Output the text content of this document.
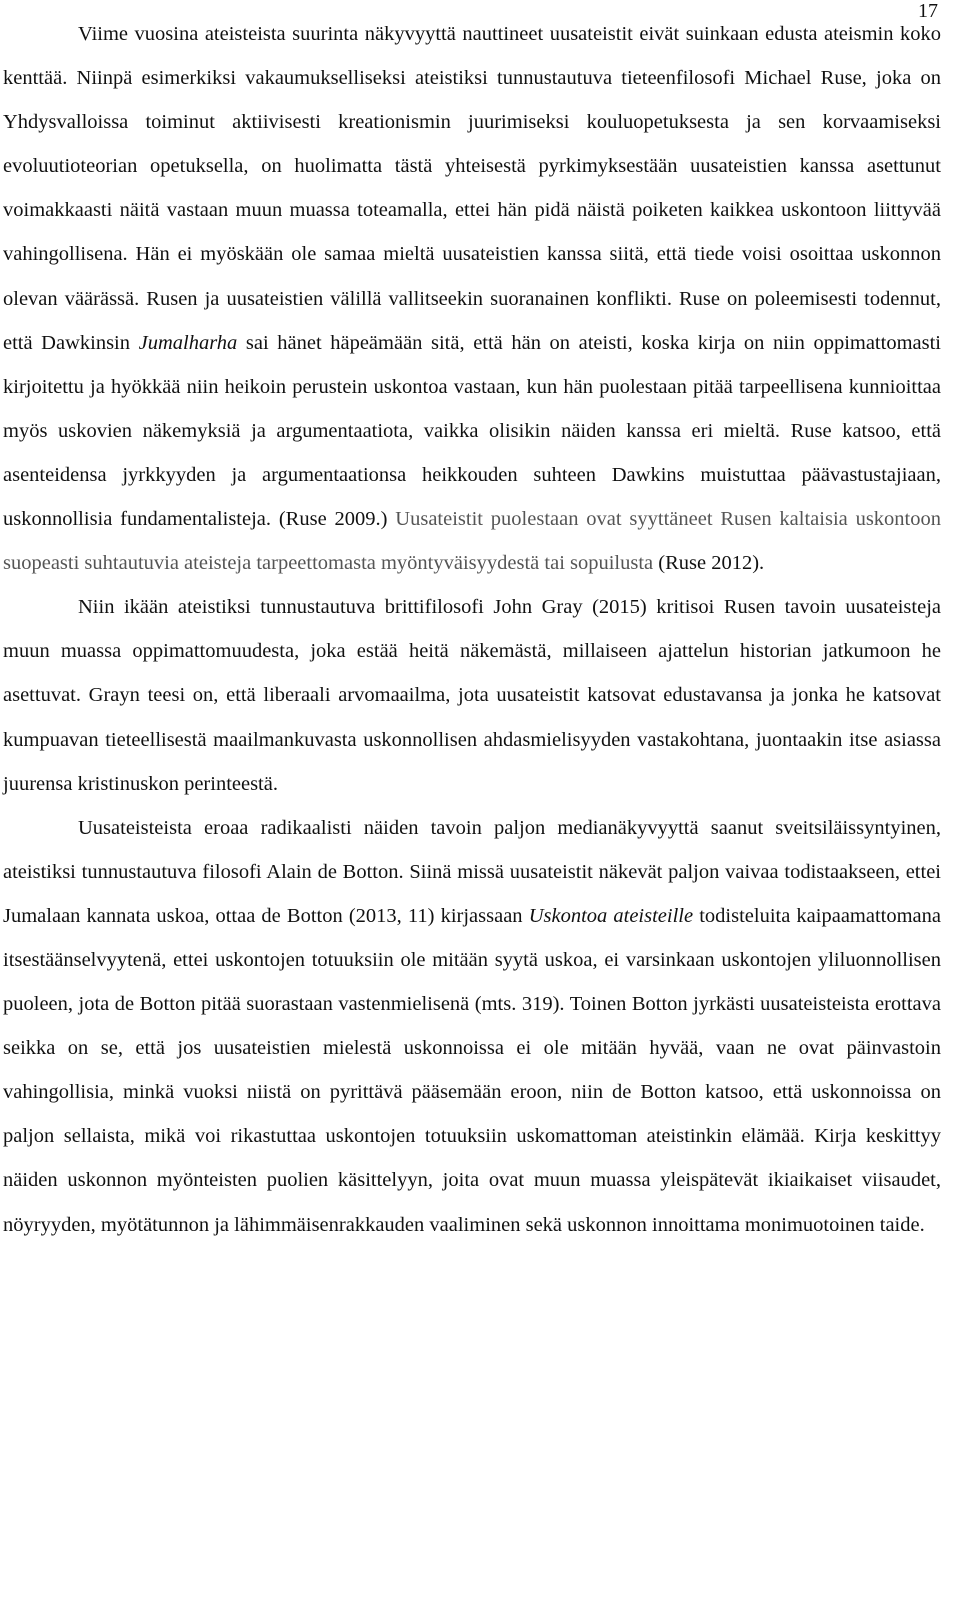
17

Viime vuosina ateisteista suurinta näkyvyyttä nauttineet uusateistit eivät suinkaan edusta ateismin koko kenttää. Niinpä esimerkiksi vakaumukselliseksi ateistiksi tunnustautuva tieteenfilosofi Michael Ruse, joka on Yhdysvalloissa toiminut aktiivisesti kreationismin juurimiseksi kouluopetuksesta ja sen korvaamiseksi evoluutioteorian opetuksella, on huolimatta tästä yhteisestä pyrkimyksestään uusateistien kanssa asettunut voimakkaasti näitä vastaan muun muassa toteamalla, ettei hän pidä näistä poiketen kaikkea uskontoon liittyvää vahingollisena. Hän ei myöskään ole samaa mieltä uusateistien kanssa siitä, että tiede voisi osoittaa uskonnon olevan väärässä. Rusen ja uusateistien välillä vallitseekin suoranainen konflikti. Ruse on poleemisesti todennut, että Dawkinsin Jumalharha sai hänet häpeämään sitä, että hän on ateisti, koska kirja on niin oppimattomasti kirjoitettu ja hyökkää niin heikoin perustein uskontoa vastaan, kun hän puolestaan pitää tarpeellisena kunnioittaa myös uskovien näkemyksiä ja argumentaatiota, vaikka olisikin näiden kanssa eri mieltä. Ruse katsoo, että asenteidensa jyrkkyyden ja argumentaationsa heikkouden suhteen Dawkins muistuttaa päävastustajiaan, uskonnollisia fundamentalisteja. (Ruse 2009.) Uusateistit puolestaan ovat syyttäneet Rusen kaltaisia uskontoon suopeasti suhtautuvia ateisteja tarpeettomasta myöntyväisyydestä tai sopuilusta (Ruse 2012).

Niin ikään ateistiksi tunnustautuva brittifilosofi John Gray (2015) kritisoi Rusen tavoin uusateisteja muun muassa oppimattomuudesta, joka estää heitä näkemästä, millaiseen ajattelun historian jatkumoon he asettuvat. Grayn teesi on, että liberaali arvomaailma, jota uusateistit katsovat edustavansa ja jonka he katsovat kumpuavan tieteellisestä maailmankuvasta uskonnollisen ahdasmielisyyden vastakohtana, juontaakin itse asiassa juurensa kristinuskon perinteestä.

Uusateisteista eroaa radikaalisti näiden tavoin paljon medianäkyvyyttä saanut sveitsiläissyntyinen, ateistiksi tunnustautuva filosofi Alain de Botton. Siinä missä uusateistit näkevät paljon vaivaa todistaakseen, ettei Jumalaan kannata uskoa, ottaa de Botton (2013, 11) kirjassaan Uskontoa ateisteille todisteluita kaipaamattomana itsestäänselvyytenä, ettei uskontojen totuuksiin ole mitään syytä uskoa, ei varsinkaan uskontojen yliluonnollisen puoleen, jota de Botton pitää suorastaan vastenmielisenä (mts. 319). Toinen Botton jyrkästi uusateisteista erottava seikka on se, että jos uusateistien mielestä uskonnoissa ei ole mitään hyvää, vaan ne ovat päinvastoin vahingollisia, minkä vuoksi niistä on pyrittävä pääsemään eroon, niin de Botton katsoo, että uskonnoissa on paljon sellaista, mikä voi rikastuttaa uskontojen totuuksiin uskomattoman ateistinkin elämää. Kirja keskittyy näiden uskonnon myönteisten puolien käsittelyyn, joita ovat muun muassa yleispätevät ikiaikaiset viisaudet, nöyryyden, myötätunnon ja lähimmäisenrakkauden vaaliminen sekä uskonnon innoittama monimuotoinen taide.
